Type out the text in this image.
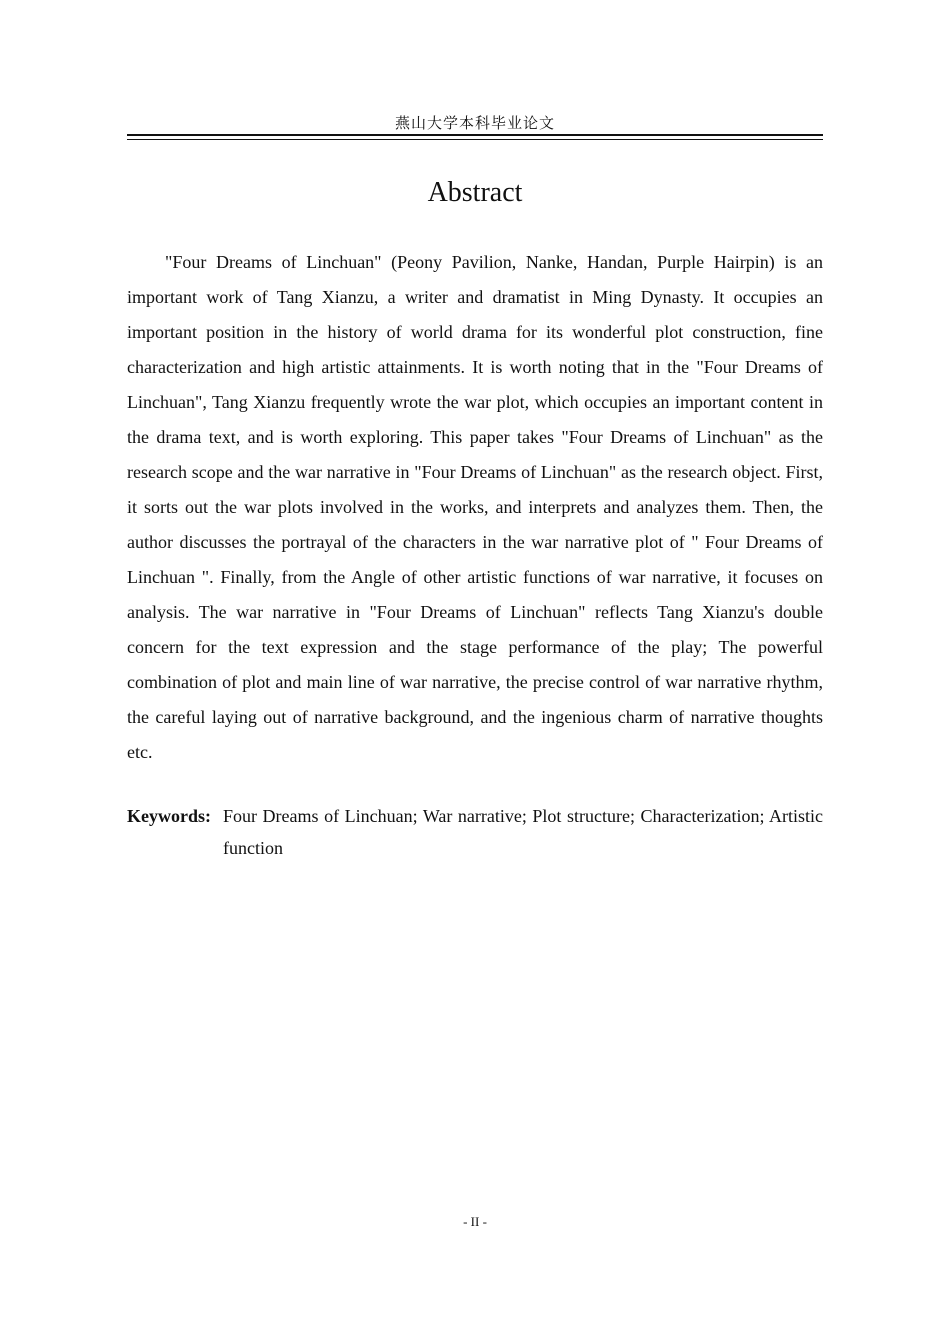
燕山大学本科毕业论文
Abstract

"Four Dreams of Linchuan" (Peony Pavilion, Nanke, Handan, Purple Hairpin) is an important work of Tang Xianzu, a writer and dramatist in Ming Dynasty. It occupies an important position in the history of world drama for its wonderful plot construction, fine characterization and high artistic attainments. It is worth noting that in the "Four Dreams of Linchuan", Tang Xianzu frequently wrote the war plot, which occupies an important content in the drama text, and is worth exploring. This paper takes "Four Dreams of Linchuan" as the research scope and the war narrative in "Four Dreams of Linchuan" as the research object. First, it sorts out the war plots involved in the works, and interprets and analyzes them. Then, the author discusses the portrayal of the characters in the war narrative plot of " Four Dreams of Linchuan ". Finally, from the Angle of other artistic functions of war narrative, it focuses on analysis. The war narrative in "Four Dreams of Linchuan" reflects Tang Xianzu's double concern for the text expression and the stage performance of the play; The powerful combination of plot and main line of war narrative, the precise control of war narrative rhythm, the careful laying out of narrative background, and the ingenious charm of narrative thoughts etc.

Keywords: Four Dreams of Linchuan; War narrative; Plot structure; Characterization; Artistic function
- II -
